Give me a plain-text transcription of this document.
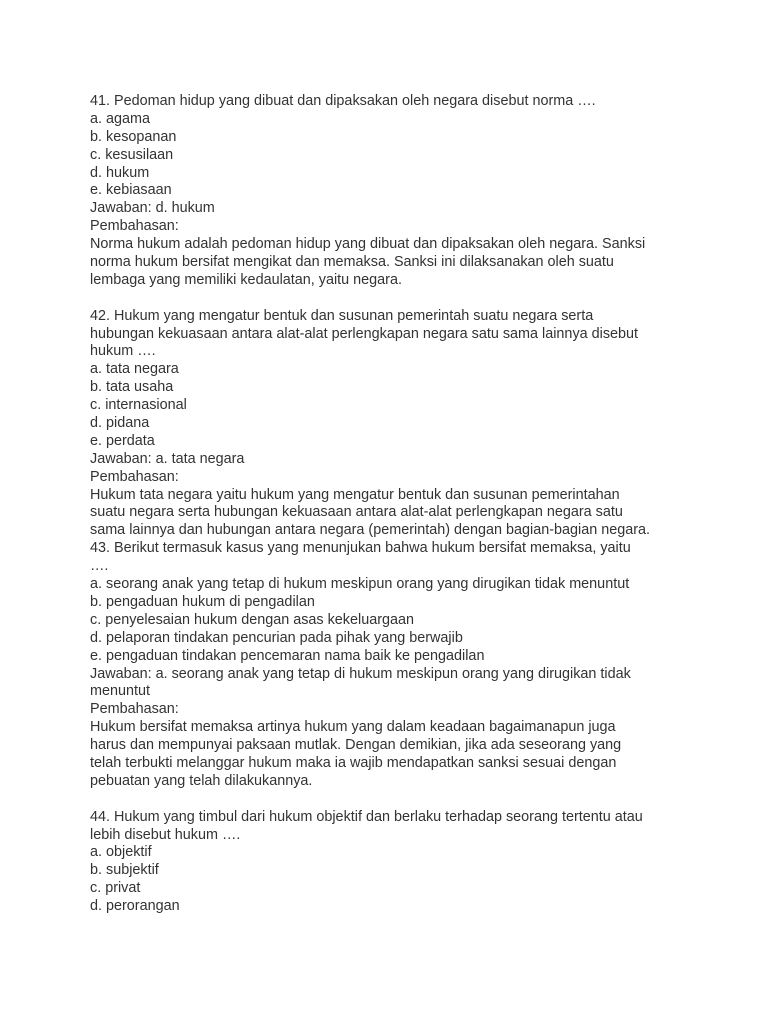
41. Pedoman hidup yang dibuat dan dipaksakan oleh negara disebut norma ….
a. agama
b. kesopanan
c. kesusilaan
d. hukum
e. kebiasaan
Jawaban: d. hukum
Pembahasan:
Norma hukum adalah pedoman hidup yang dibuat dan dipaksakan oleh negara. Sanksi
norma hukum bersifat mengikat dan memaksa. Sanksi ini dilaksanakan oleh suatu
lembaga yang memiliki kedaulatan, yaitu negara.
42. Hukum yang mengatur bentuk dan susunan pemerintah suatu negara serta
hubungan kekuasaan antara alat-alat perlengkapan negara satu sama lainnya disebut
hukum ….
a. tata negara
b. tata usaha
c. internasional
d. pidana
e. perdata
Jawaban: a. tata negara
Pembahasan:
Hukum tata negara yaitu hukum yang mengatur bentuk dan susunan pemerintahan
suatu negara serta hubungan kekuasaan antara alat-alat perlengkapan negara satu
sama lainnya dan hubungan antara negara (pemerintah) dengan bagian-bagian negara.
43. Berikut termasuk kasus yang menunjukan bahwa hukum bersifat memaksa, yaitu
….
a. seorang anak yang tetap di hukum meskipun orang yang dirugikan tidak menuntut
b. pengaduan hukum di pengadilan
c. penyelesaian hukum dengan asas kekeluargaan
d. pelaporan tindakan pencurian pada pihak yang berwajib
e. pengaduan tindakan pencemaran nama baik ke pengadilan
Jawaban: a. seorang anak yang tetap di hukum meskipun orang yang dirugikan tidak
menuntut
Pembahasan:
Hukum bersifat memaksa artinya hukum yang dalam keadaan bagaimanapun juga
harus dan mempunyai paksaan mutlak. Dengan demikian, jika ada seseorang yang
telah terbukti melanggar hukum maka ia wajib mendapatkan sanksi sesuai dengan
pebuatan yang telah dilakukannya.
44. Hukum yang timbul dari hukum objektif dan berlaku terhadap seorang tertentu atau
lebih disebut hukum ….
a. objektif
b. subjektif
c. privat
d. perorangan
